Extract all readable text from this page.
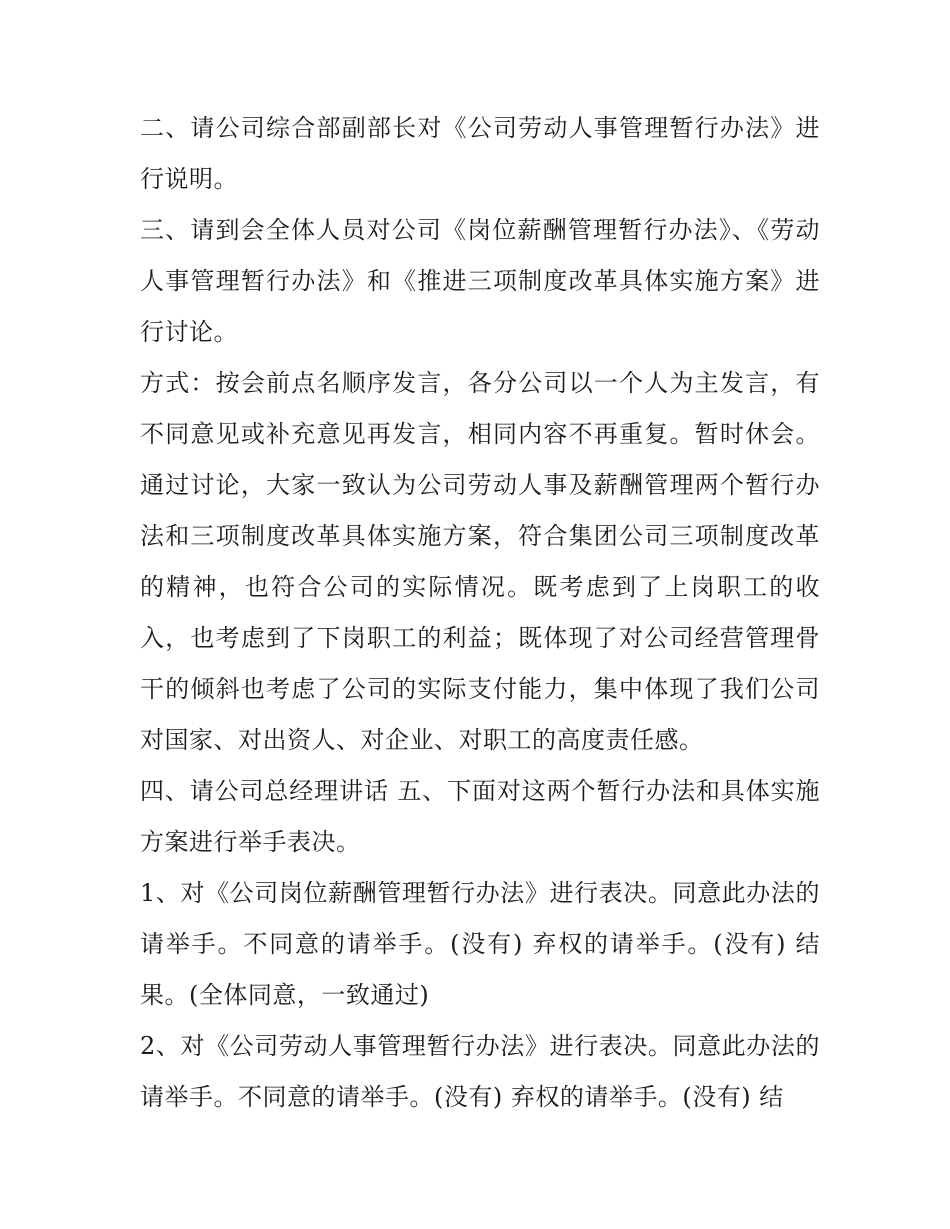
二、请公司综合部副部长对《公司劳动人事管理暂行办法》进行说明。

三、请到会全体人员对公司《岗位薪酬管理暂行办法》、《劳动人事管理暂行办法》和《推进三项制度改革具体实施方案》进行讨论。

方式：按会前点名顺序发言，各分公司以一个人为主发言，有不同意见或补充意见再发言，相同内容不再重复。暂时休会。通过讨论，大家一致认为公司劳动人事及薪酬管理两个暂行办法和三项制度改革具体实施方案，符合集团公司三项制度改革的精神，也符合公司的实际情况。既考虑到了上岗职工的收入，也考虑到了下岗职工的利益；既体现了对公司经营管理骨干的倾斜也考虑了公司的实际支付能力，集中体现了我们公司对国家、对出资人、对企业、对职工的高度责任感。

四、请公司总经理讲话 五、下面对这两个暂行办法和具体实施方案进行举手表决。

1、对《公司岗位薪酬管理暂行办法》进行表决。同意此办法的请举手。不同意的请举手。(没有) 弃权的请举手。(没有) 结果。(全体同意，一致通过)

2、对《公司劳动人事管理暂行办法》进行表决。同意此办法的请举手。不同意的请举手。(没有) 弃权的请举手。(没有) 结
